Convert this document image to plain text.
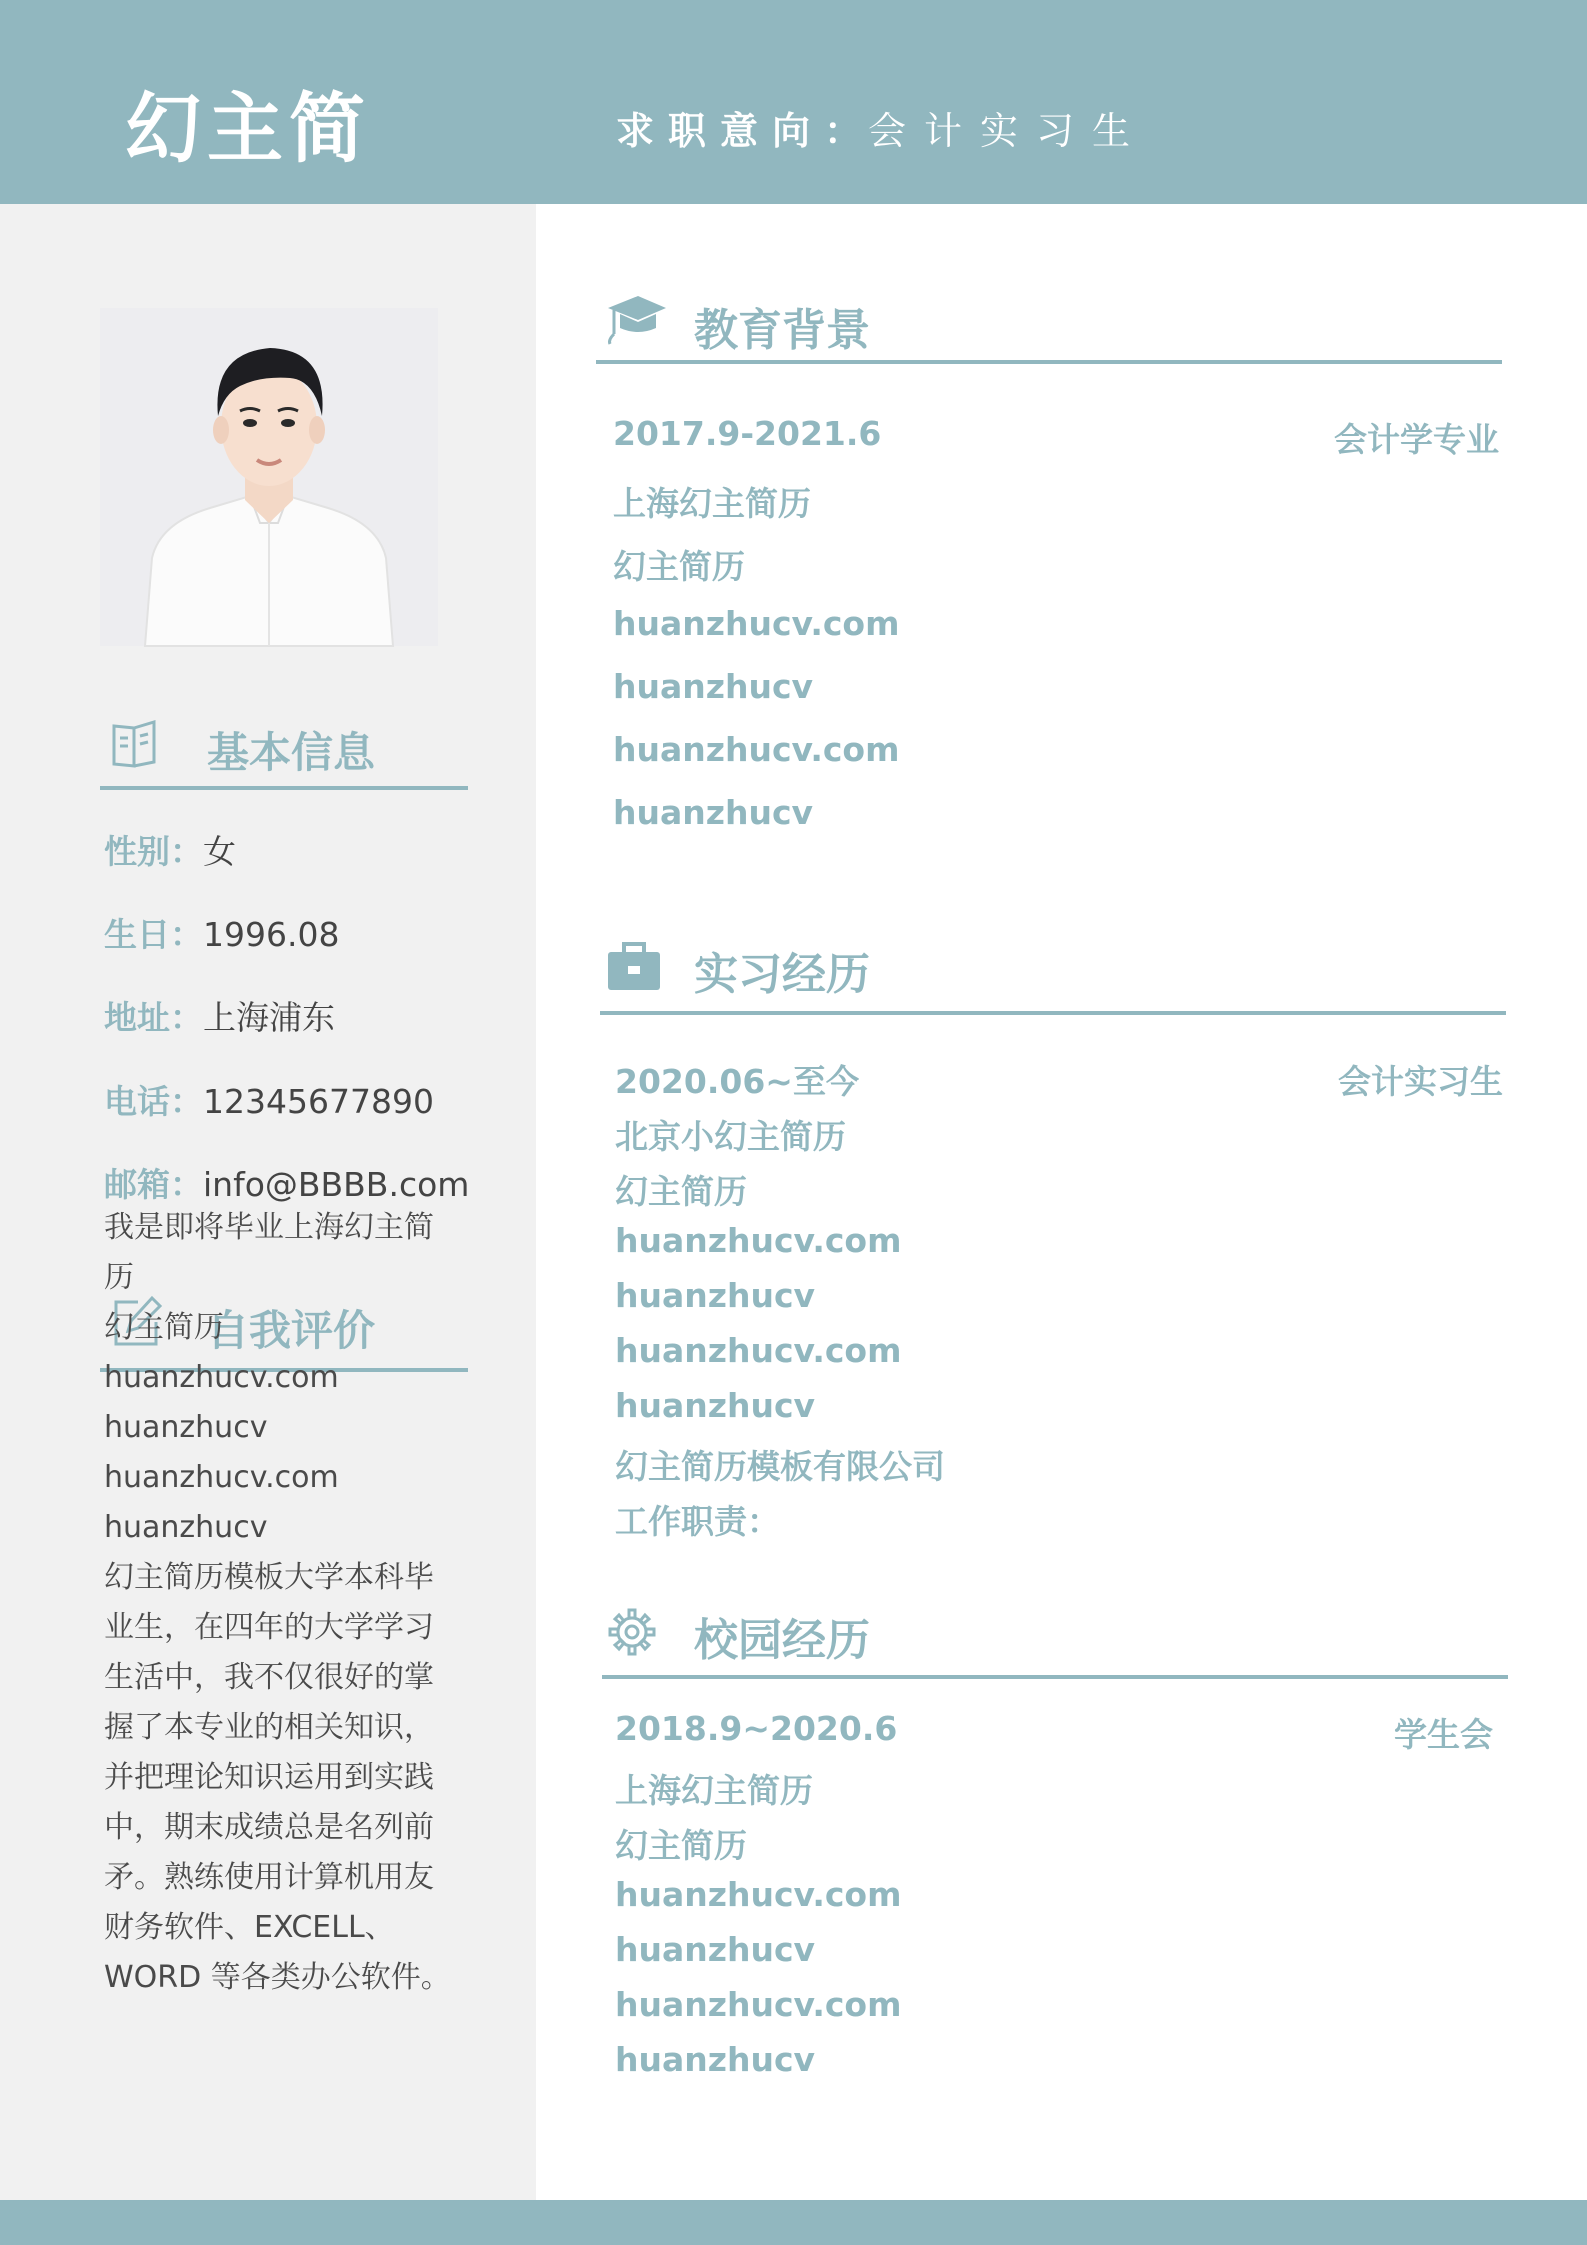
幻主简	求职意向：
会计实习生
基本信息
性别：女
生日：1996.08
地址：上海浦东
电话：12345677890
邮箱：info@BBBB.com
自我评价
我是即将毕业上海幻主简历
幻主简历
huanzhucv.com
huanzhucv
huanzhucv.com
huanzhucv
幻主简历模板大学本科毕业生，在四年的大学学习生活中，我不仅很好的掌握了本专业的相关知识，并把理论知识运用到实践中，期末成绩总是名列前矛。熟练使用计算机用友财务软件、EXCELL、WORD 等各类办公软件。
教育背景
2017.9-2021.6	会计学专业
上海幻主简历
幻主简历
huanzhucv.com
huanzhucv
huanzhucv.com
huanzhucv
实习经历
2020.06~至今	会计实习生
北京小幻主简历
幻主简历
huanzhucv.com
huanzhucv
huanzhucv.com
huanzhucv
幻主简历模板有限公司
工作职责：
校园经历
2018.9~2020.6	学生会
上海幻主简历
幻主简历
huanzhucv.com
huanzhucv
huanzhucv.com
huanzhucv
